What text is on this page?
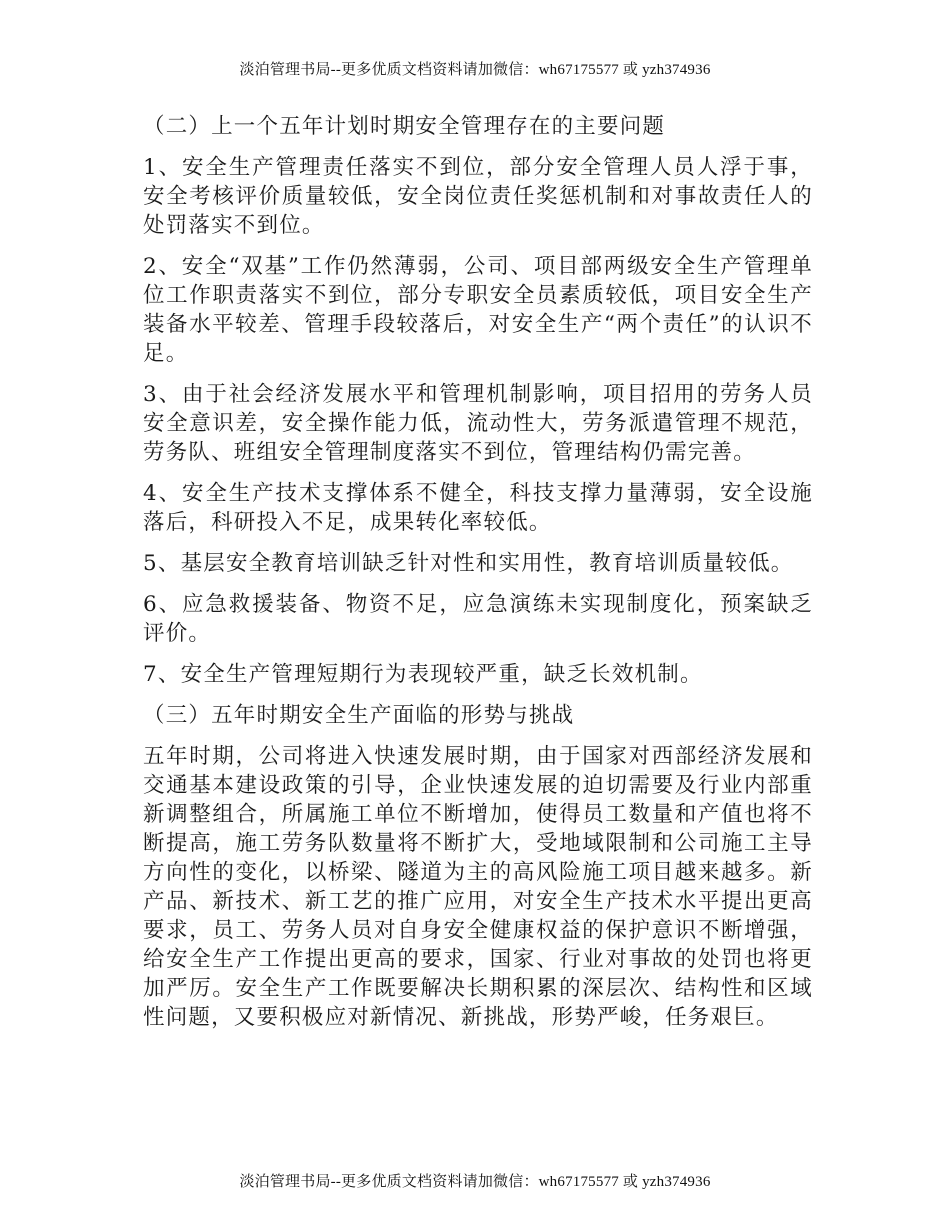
淡泊管理书局--更多优质文档资料请加微信：wh67175577 或 yzh374936
（二）上一个五年计划时期安全管理存在的主要问题

1、安全生产管理责任落实不到位，部分安全管理人员人浮于事，安全考核评价质量较低，安全岗位责任奖惩机制和对事故责任人的处罚落实不到位。

2、安全“双基”工作仍然薄弱，公司、项目部两级安全生产管理单位工作职责落实不到位，部分专职安全员素质较低，项目安全生产装备水平较差、管理手段较落后，对安全生产“两个责任”的认识不足。

3、由于社会经济发展水平和管理机制影响，项目招用的劳务人员安全意识差，安全操作能力低，流动性大，劳务派遣管理不规范，劳务队、班组安全管理制度落实不到位，管理结构仍需完善。

4、安全生产技术支撑体系不健全，科技支撑力量薄弱，安全设施落后，科研投入不足，成果转化率较低。

5、基层安全教育培训缺乏针对性和实用性，教育培训质量较低。

6、应急救援装备、物资不足，应急演练未实现制度化，预案缺乏评价。

7、安全生产管理短期行为表现较严重，缺乏长效机制。

（三）五年时期安全生产面临的形势与挑战

五年时期，公司将进入快速发展时期，由于国家对西部经济发展和交通基本建设政策的引导，企业快速发展的迫切需要及行业内部重新调整组合，所属施工单位不断增加，使得员工数量和产值也将不断提高，施工劳务队数量将不断扩大，受地域限制和公司施工主导方向性的变化，以桥梁、隧道为主的高风险施工项目越来越多。新产品、新技术、新工艺的推广应用，对安全生产技术水平提出更高要求，员工、劳务人员对自身安全健康权益的保护意识不断增强，给安全生产工作提出更高的要求，国家、行业对事故的处罚也将更加严厉。安全生产工作既要解决长期积累的深层次、结构性和区域性问题，又要积极应对新情况、新挑战，形势严峻，任务艰巨。

淡泊管理书局--更多优质文档资料请加微信：wh67175577 或 yzh374936
